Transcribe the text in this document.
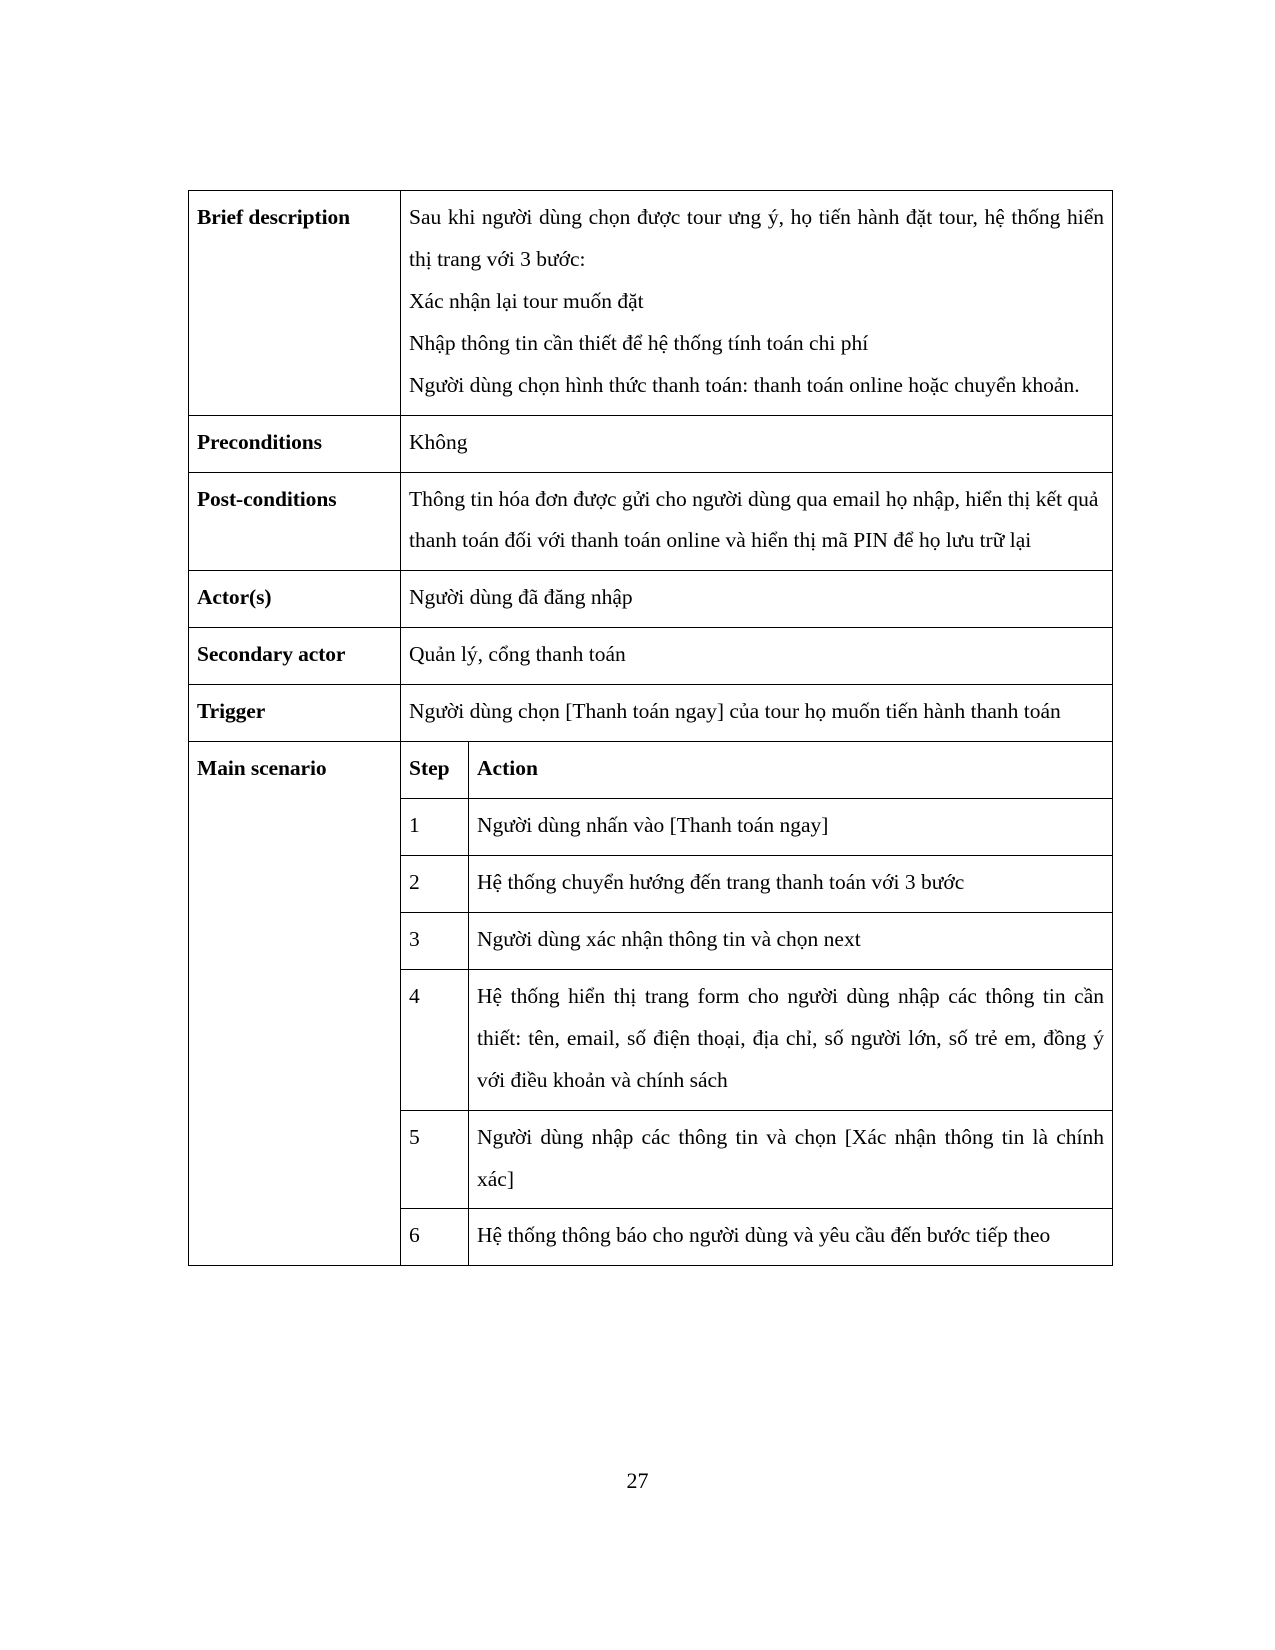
Brief description	Sau khi người dùng chọn được tour ưng ý, họ tiến hành đặt tour, hệ thống hiển thị trang với 3 bước:

Xác nhận lại tour muốn đặt

Nhập thông tin cần thiết để hệ thống tính toán chi phí

Người dùng chọn hình thức thanh toán: thanh toán online hoặc chuyển khoản.	

Preconditions	Không	
Post-conditions	Thông tin hóa đơn được gửi cho người dùng qua email họ nhập, hiển thị kết quả thanh toán đối với thanh toán online và hiển thị mã PIN để họ lưu trữ lại	

Actor(s)	Người dùng đã đăng nhập	
Secondary actor	Quản lý, cổng thanh toán	
Trigger	Người dùng chọn [Thanh toán ngay] của tour họ muốn tiến hành thanh toán	

Main scenario	Step	Action
	1	Người dùng nhấn vào [Thanh toán ngay]
	2	Hệ thống chuyển hướng đến trang thanh toán với 3 bước
	3	Người dùng xác nhận thông tin và chọn next
	4	Hệ thống hiển thị trang form cho người dùng nhập các thông tin cần thiết: tên, email, số điện thoại, địa chỉ, số người lớn, số trẻ em, đồng ý với điều khoản và chính sách
	5	Người dùng nhập các thông tin và chọn [Xác nhận thông tin là chính xác]
	6	Hệ thống thông báo cho người dùng và yêu cầu đến bước tiếp theo
27
